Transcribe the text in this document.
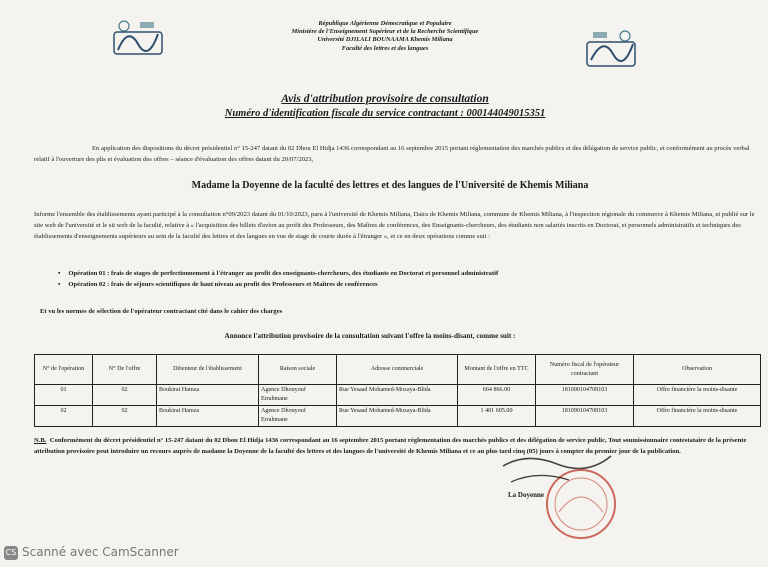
République Algérienne Démocratique et Populaire
Ministère de l'Enseignement Supérieur et de la Recherche Scientifique
Université DJILALI BOUNAAMA Khemis Miliana
Faculté des lettres et des langues
Avis d'attribution provisoire de consultation
Numéro d'identification fiscale du service contractant : 000144049015351
En application des dispositions du décret présidentiel n° 15-247 datant du 02 Dhou El Hidja 1436 correspondant au 16 septembre 2015 portant réglementation des marchés publics et des délégation de service public, et conformément au procès verbal relatif à l'ouverture des plis et évaluation des offres – séance d'évaluation des offres datant du 20/07/2023,
Madame la Doyenne de la faculté des lettres et des langues de l'Université de Khemis Miliana
Informe l'ensemble des établissements ayant participé à la consultation n°09/2023 datant du 01/10/2023, paru à l'université de Khemis Miliana, Daira de Khemis Miliana, commune de Khemis Miliana, à l'inspection régionale du commerce à Khemis Miliana, et publié sur le site web de l'université et le sit web de la faculté, relative à « l'acquisition des billets d'avion au profit des Professeurs, des Maîtres de conférences, des Enseignants-chercheurs, des étudiants non salariés inscrits en Doctorat, et personnels administratifs et techniques des établissements d'enseignements supérieurs au sein de la faculté des lettres et des langues en vue de stage de courte durée à l'étranger », et ce en deux opérations comme suit :
▪ Opération 01 : frais de stages de perfectionnement à l'étranger au profit des enseignants-chercheurs, des étudiants en Doctorat et personnel administratif
▪ Opération 02 : frais de séjours scientifiques de haut niveau au profit des Professeurs et Maîtres de conférences
Et vu les normes de sélection de l'opérateur contractant cité dans le cahier des charges
Annonce l'attribution provisoire de la consultation suivant l'offre la moins-disant, comme suit :
N° de l'opération	N° De l'offre	Détenteur de l'établissement	Raison sociale	Adresse commerciale	Montant de l'offre en TTC	Numéro fiscal de l'opérateur contractant	Observation
01	02	Boukirat Hamza	Agence Dhouyouf Errahmane	Rue Yesaad Mohamed-Mozaya-Blida	664 866.00	181090104708103	Offre financière la moins-disante
02	02	Boukirat Hamza	Agence Dhouyouf Errahmane	Rue Yesaad Mohamed-Mozaya-Blida	1 401 605.00	181090104708103	Offre financière la moins-disante
N.B. Conformément du décret présidentiel n° 15-247 datant du 02 Dhou El Hidja 1436 correspondant au 16 septembre 2015 portant réglementation des marchés publics et des délégation de service public, Tout soumissionnaire contestataire de la présente attribution provisoire peut introduire un recours auprès de madame la Doyenne de la faculté des lettres et des langues de l'université de Khemis Miliana et ce au plus tard cinq (05) jours à compter du premier jour de la publication.
La Doyenne
CS Scanné avec CamScanner
